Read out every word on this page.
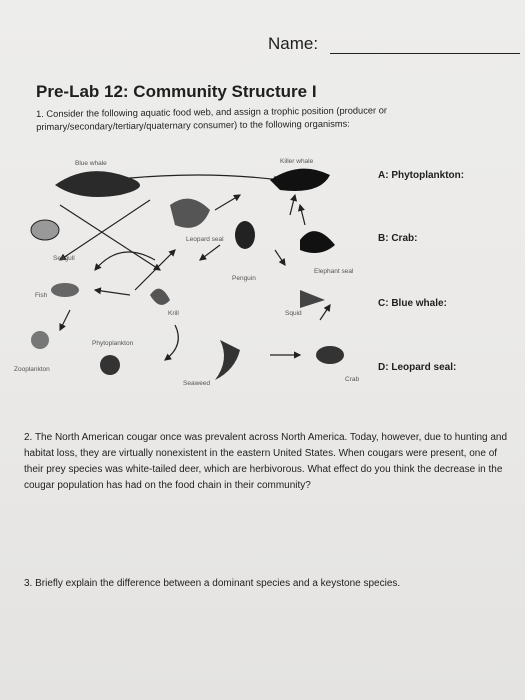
Name:
Pre-Lab 12: Community Structure I
1. Consider the following aquatic food web, and assign a trophic position (producer or primary/secondary/tertiary/quaternary consumer) to the following organisms:
Blue whale	Killer whale
Leopard seal
Seagull
Penguin
Elephant seal
Fish
Krill	Squid
Phytoplankton
Zooplankton
Seaweed
Crab
A: Phytoplankton:
B: Crab:
C: Blue whale:
D: Leopard seal:
2. The North American cougar once was prevalent across North America. Today, however, due to hunting and habitat loss, they are virtually nonexistent in the eastern United States. When cougars were present, one of their prey species was white-tailed deer, which are herbivorous. What effect do you think the decrease in the cougar population has had on the food chain in their community?
3. Briefly explain the difference between a dominant species and a keystone species.
